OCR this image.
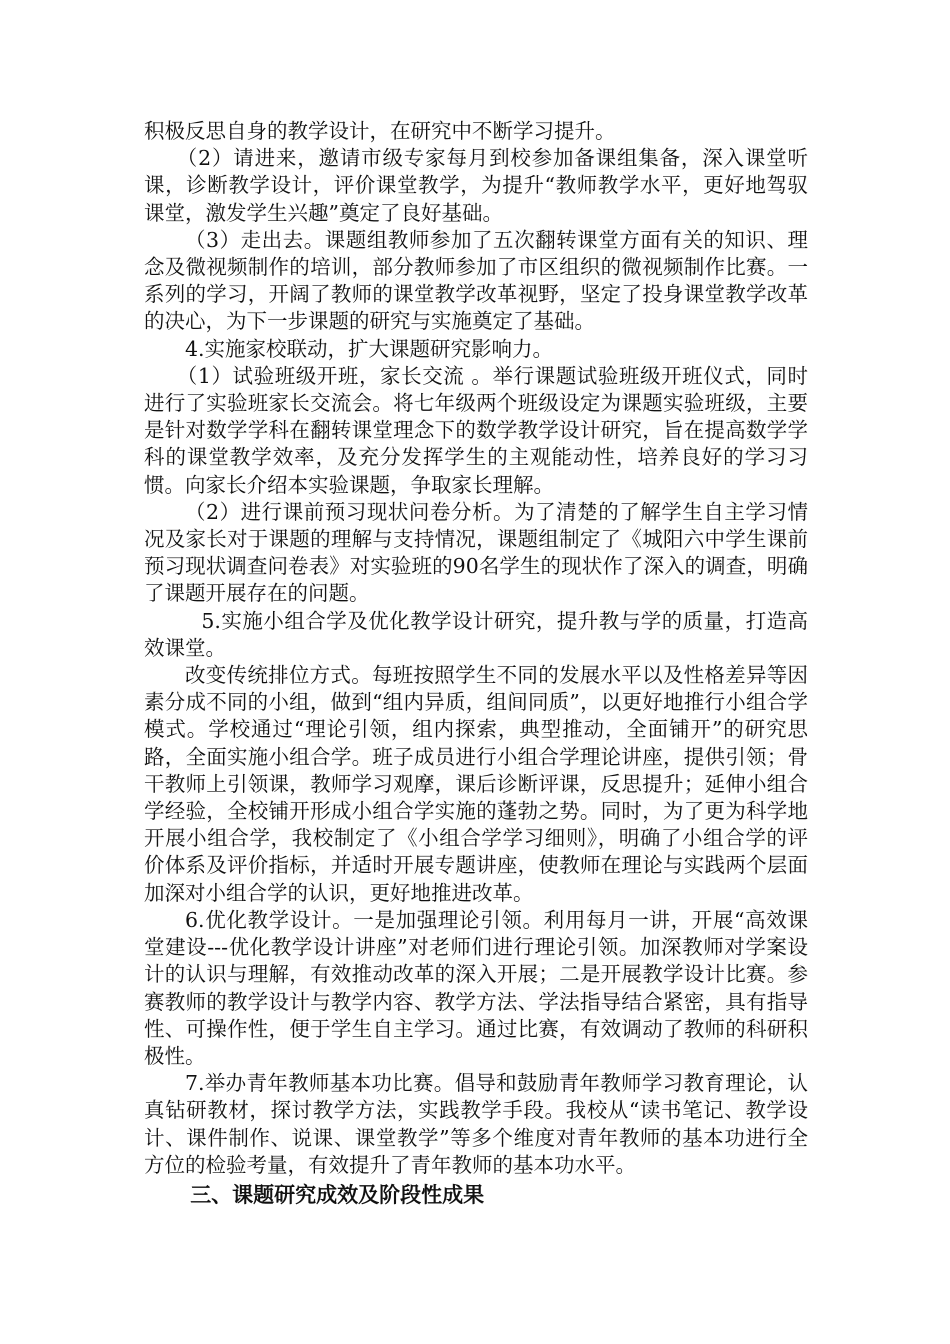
积极反思自身的教学设计，在研究中不断学习提升。

（2）请进来，邀请市级专家每月到校参加备课组集备，深入课堂听课，诊断教学设计，评价课堂教学，为提升“教师教学水平，更好地驾驭课堂，激发学生兴趣”奠定了良好基础。

（3）走出去。课题组教师参加了五次翻转课堂方面有关的知识、理念及微视频制作的培训，部分教师参加了市区组织的微视频制作比赛。一系列的学习，开阔了教师的课堂教学改革视野，坚定了投身课堂教学改革的决心，为下一步课题的研究与实施奠定了基础。

4.实施家校联动，扩大课题研究影响力。

（1）试验班级开班，家长交流 。举行课题试验班级开班仪式，同时进行了实验班家长交流会。将七年级两个班级设定为课题实验班级，主要是针对数学学科在翻转课堂理念下的数学教学设计研究，旨在提高数学学科的课堂教学效率，及充分发挥学生的主观能动性，培养良好的学习习惯。向家长介绍本实验课题，争取家长理解。

（2）进行课前预习现状问卷分析。为了清楚的了解学生自主学习情况及家长对于课题的理解与支持情况，课题组制定了《城阳六中学生课前预习现状调查问卷表》对实验班的90名学生的现状作了深入的调查，明确了课题开展存在的问题。

5.实施小组合学及优化教学设计研究，提升教与学的质量，打造高效课堂。

改变传统排位方式。每班按照学生不同的发展水平以及性格差异等因素分成不同的小组，做到“组内异质，组间同质”，以更好地推行小组合学模式。学校通过“理论引领，组内探索，典型推动，全面铺开”的研究思路，全面实施小组合学。班子成员进行小组合学理论讲座，提供引领；骨干教师上引领课，教师学习观摩，课后诊断评课，反思提升；延伸小组合学经验，全校铺开形成小组合学实施的蓬勃之势。同时，为了更为科学地开展小组合学，我校制定了《小组合学学习细则》，明确了小组合学的评价体系及评价指标，并适时开展专题讲座，使教师在理论与实践两个层面加深对小组合学的认识，更好地推进改革。

6.优化教学设计。一是加强理论引领。利用每月一讲，开展“高效课堂建设---优化教学设计讲座”对老师们进行理论引领。加深教师对学案设计的认识与理解，有效推动改革的深入开展；二是开展教学设计比赛。参赛教师的教学设计与教学内容、教学方法、学法指导结合紧密，具有指导性、可操作性，便于学生自主学习。通过比赛，有效调动了教师的科研积极性。

7.举办青年教师基本功比赛。倡导和鼓励青年教师学习教育理论，认真钻研教材，探讨教学方法，实践教学手段。我校从“读书笔记、教学设计、课件制作、说课、课堂教学”等多个维度对青年教师的基本功进行全方位的检验考量，有效提升了青年教师的基本功水平。

三、课题研究成效及阶段性成果
